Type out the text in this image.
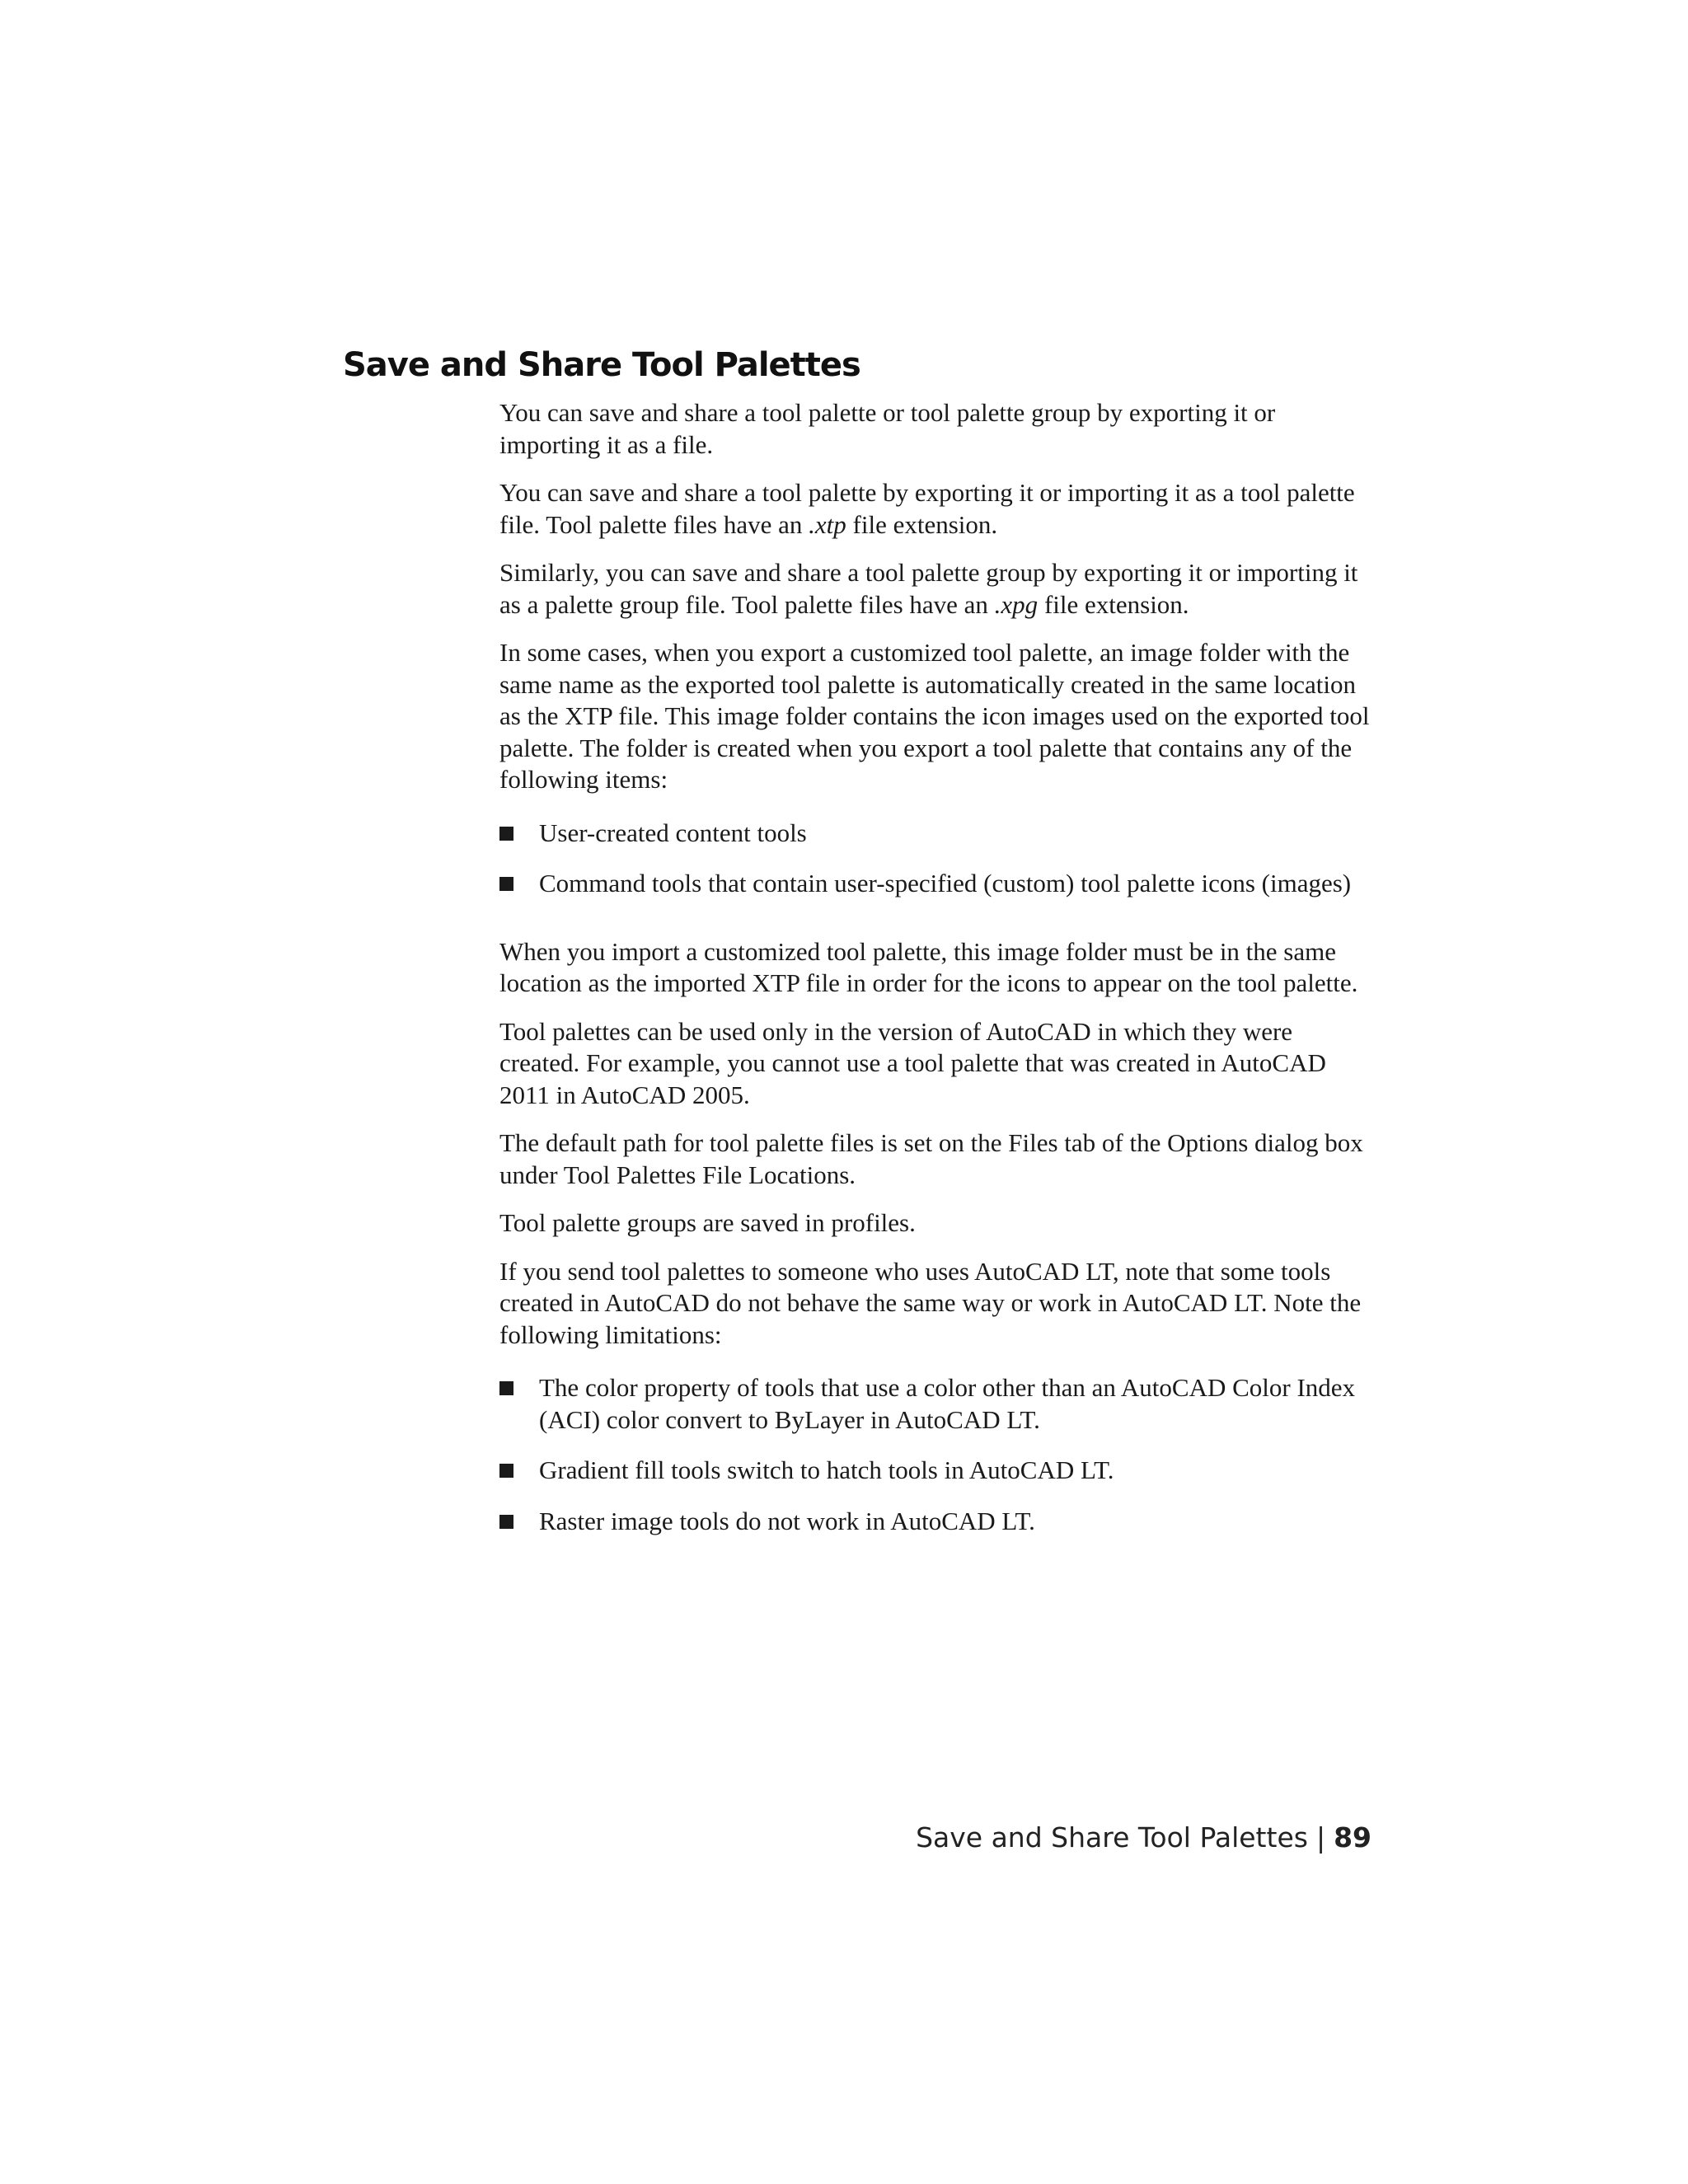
Save and Share Tool Palettes

You can save and share a tool palette or tool palette group by exporting it or importing it as a file.

You can save and share a tool palette by exporting it or importing it as a tool palette file. Tool palette files have an .xtp file extension.

Similarly, you can save and share a tool palette group by exporting it or importing it as a palette group file. Tool palette files have an .xpg file extension.

In some cases, when you export a customized tool palette, an image folder with the same name as the exported tool palette is automatically created in the same location as the XTP file. This image folder contains the icon images used on the exported tool palette. The folder is created when you export a tool palette that contains any of the following items:

User-created content tools
Command tools that contain user-specified (custom) tool palette icons (images)

When you import a customized tool palette, this image folder must be in the same location as the imported XTP file in order for the icons to appear on the tool palette.

Tool palettes can be used only in the version of AutoCAD in which they were created. For example, you cannot use a tool palette that was created in AutoCAD 2011 in AutoCAD 2005.

The default path for tool palette files is set on the Files tab of the Options dialog box under Tool Palettes File Locations.

Tool palette groups are saved in profiles.

If you send tool palettes to someone who uses AutoCAD LT, note that some tools created in AutoCAD do not behave the same way or work in AutoCAD LT. Note the following limitations:

The color property of tools that use a color other than an AutoCAD Color Index (ACI) color convert to ByLayer in AutoCAD LT.
Gradient fill tools switch to hatch tools in AutoCAD LT.
Raster image tools do not work in AutoCAD LT.
Save and Share Tool Palettes | 89
